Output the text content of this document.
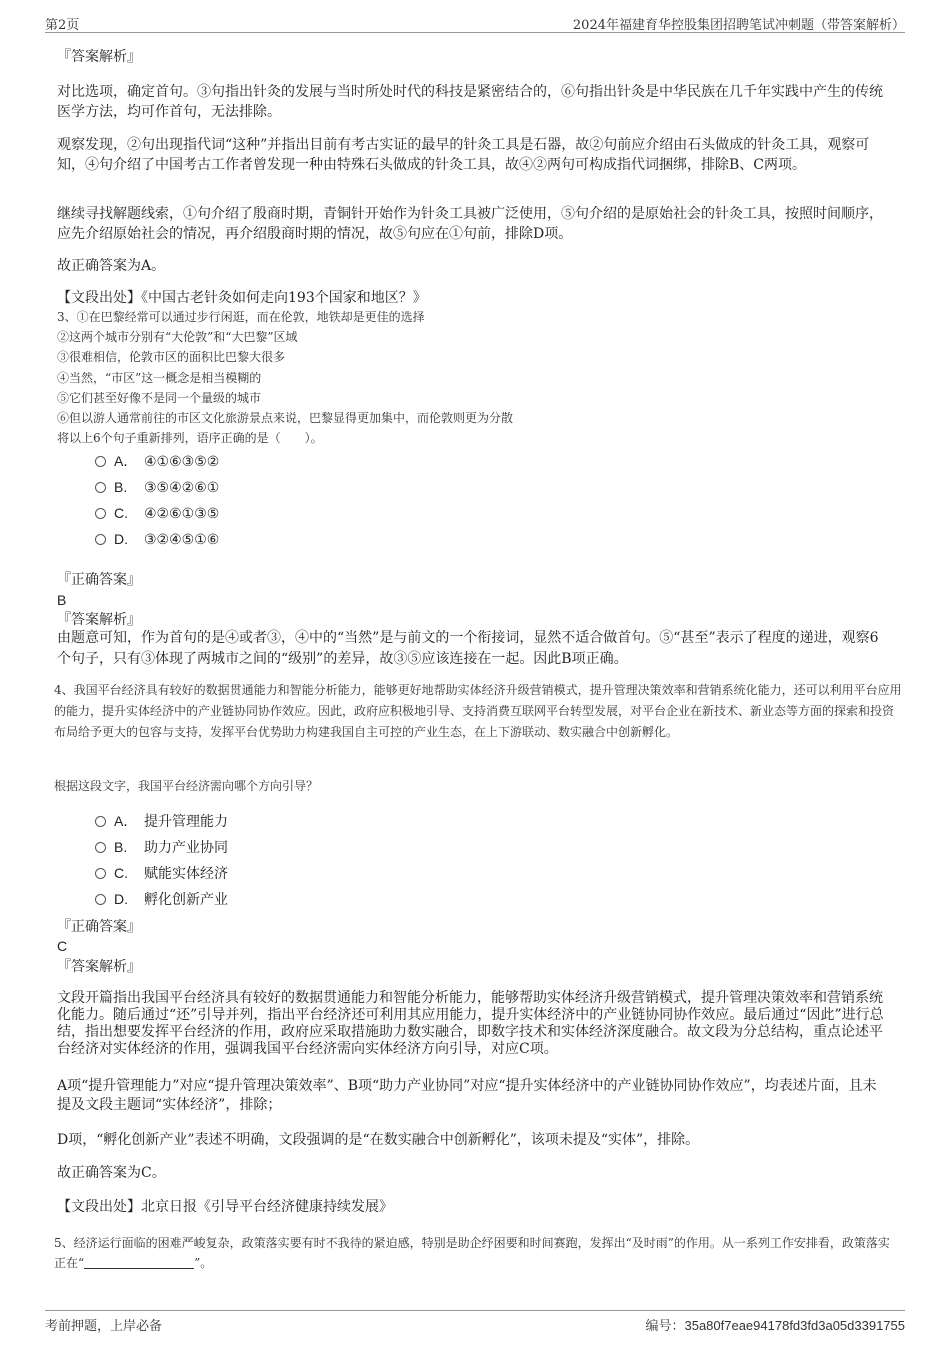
第2页	2024年福建育华控股集团招聘笔试冲刺题（带答案解析）
『答案解析』
对比选项，确定首句。③句指出针灸的发展与当时所处时代的科技是紧密结合的，⑥句指出针灸是中华民族在几千年实践中产生的传统医学方法，均可作首句，无法排除。
观察发现，②句出现指代词“这种”并指出目前有考古实证的最早的针灸工具是石器，故②句前应介绍由石头做成的针灸工具，观察可知，④句介绍了中国考古工作者曾发现一种由特殊石头做成的针灸工具，故④②两句可构成指代词捆绑，排除B、C两项。
继续寻找解题线索，①句介绍了殷商时期，青铜针开始作为针灸工具被广泛使用，⑤句介绍的是原始社会的针灸工具，按照时间顺序，应先介绍原始社会的情况，再介绍殷商时期的情况，故⑤句应在①句前，排除D项。
故正确答案为A。
【文段出处】《中国古老针灸如何走向193个国家和地区？》
3、①在巴黎经常可以通过步行闲逛，而在伦敦，地铁却是更佳的选择
②这两个城市分别有“大伦敦”和“大巴黎”区域
③很难相信，伦敦市区的面积比巴黎大很多
④当然，“市区”这一概念是相当模糊的
⑤它们甚至好像不是同一个量级的城市
⑥但以游人通常前往的市区文化旅游景点来说，巴黎显得更加集中，而伦敦则更为分散
将以上6个句子重新排列，语序正确的是（　　）。
A． ④①⑥③⑤②
B. ③⑤④②⑥①
C. ④②⑥①③⑤
D. ③②④⑤①⑥
『正确答案』
B
『答案解析』
由题意可知，作为首句的是④或者③，④中的“当然”是与前文的一个衔接词，显然不适合做首句。⑤“甚至”表示了程度的递进，观察6个句子，只有③体现了两城市之间的“级别”的差异，故③⑤应该连接在一起。因此B项正确。
4、我国平台经济具有较好的数据贯通能力和智能分析能力，能够更好地帮助实体经济升级营销模式，提升管理决策效率和营销系统化能力，还可以利用平台应用的能力，提升实体经济中的产业链协同协作效应。因此，政府应积极地引导、支持消费互联网平台转型发展，对平台企业在新技术、新业态等方面的探索和投资布局给予更大的包容与支持，发挥平台优势助力构建我国自主可控的产业生态，在上下游联动、数实融合中创新孵化。
根据这段文字，我国平台经济需向哪个方向引导？
A． 提升管理能力
B. 助力产业协同
C. 赋能实体经济
D. 孵化创新产业
『正确答案』
C
『答案解析』
文段开篇指出我国平台经济具有较好的数据贯通能力和智能分析能力，能够帮助实体经济升级营销模式，提升管理决策效率和营销系统化能力。随后通过“还”引导并列，指出平台经济还可利用其应用能力，提升实体经济中的产业链协同协作效应。最后通过“因此”进行总结，指出想要发挥平台经济的作用，政府应采取措施助力数实融合，即数字技术和实体经济深度融合。故文段为分总结构，重点论述平台经济对实体经济的作用，强调我国平台经济需向实体经济方向引导，对应C项。
A项“提升管理能力”对应“提升管理决策效率”、B项“助力产业协同”对应“提升实体经济中的产业链协同协作效应”，均表述片面，且未提及文段主题词“实体经济”，排除；
D项，“孵化创新产业”表述不明确，文段强调的是“在数实融合中创新孵化”，该项未提及“实体”，排除。
故正确答案为C。
【文段出处】北京日报《引导平台经济健康持续发展》
5、经济运行面临的困难严峻复杂，政策落实要有时不我待的紧迫感，特别是助企纾困要和时间赛跑，发挥出“及时雨”的作用。从一系列工作安排看，政策落实正在“	”。
考前押题，上岸必备	编号：35a80f7eae94178fd3fd3a05d3391755
